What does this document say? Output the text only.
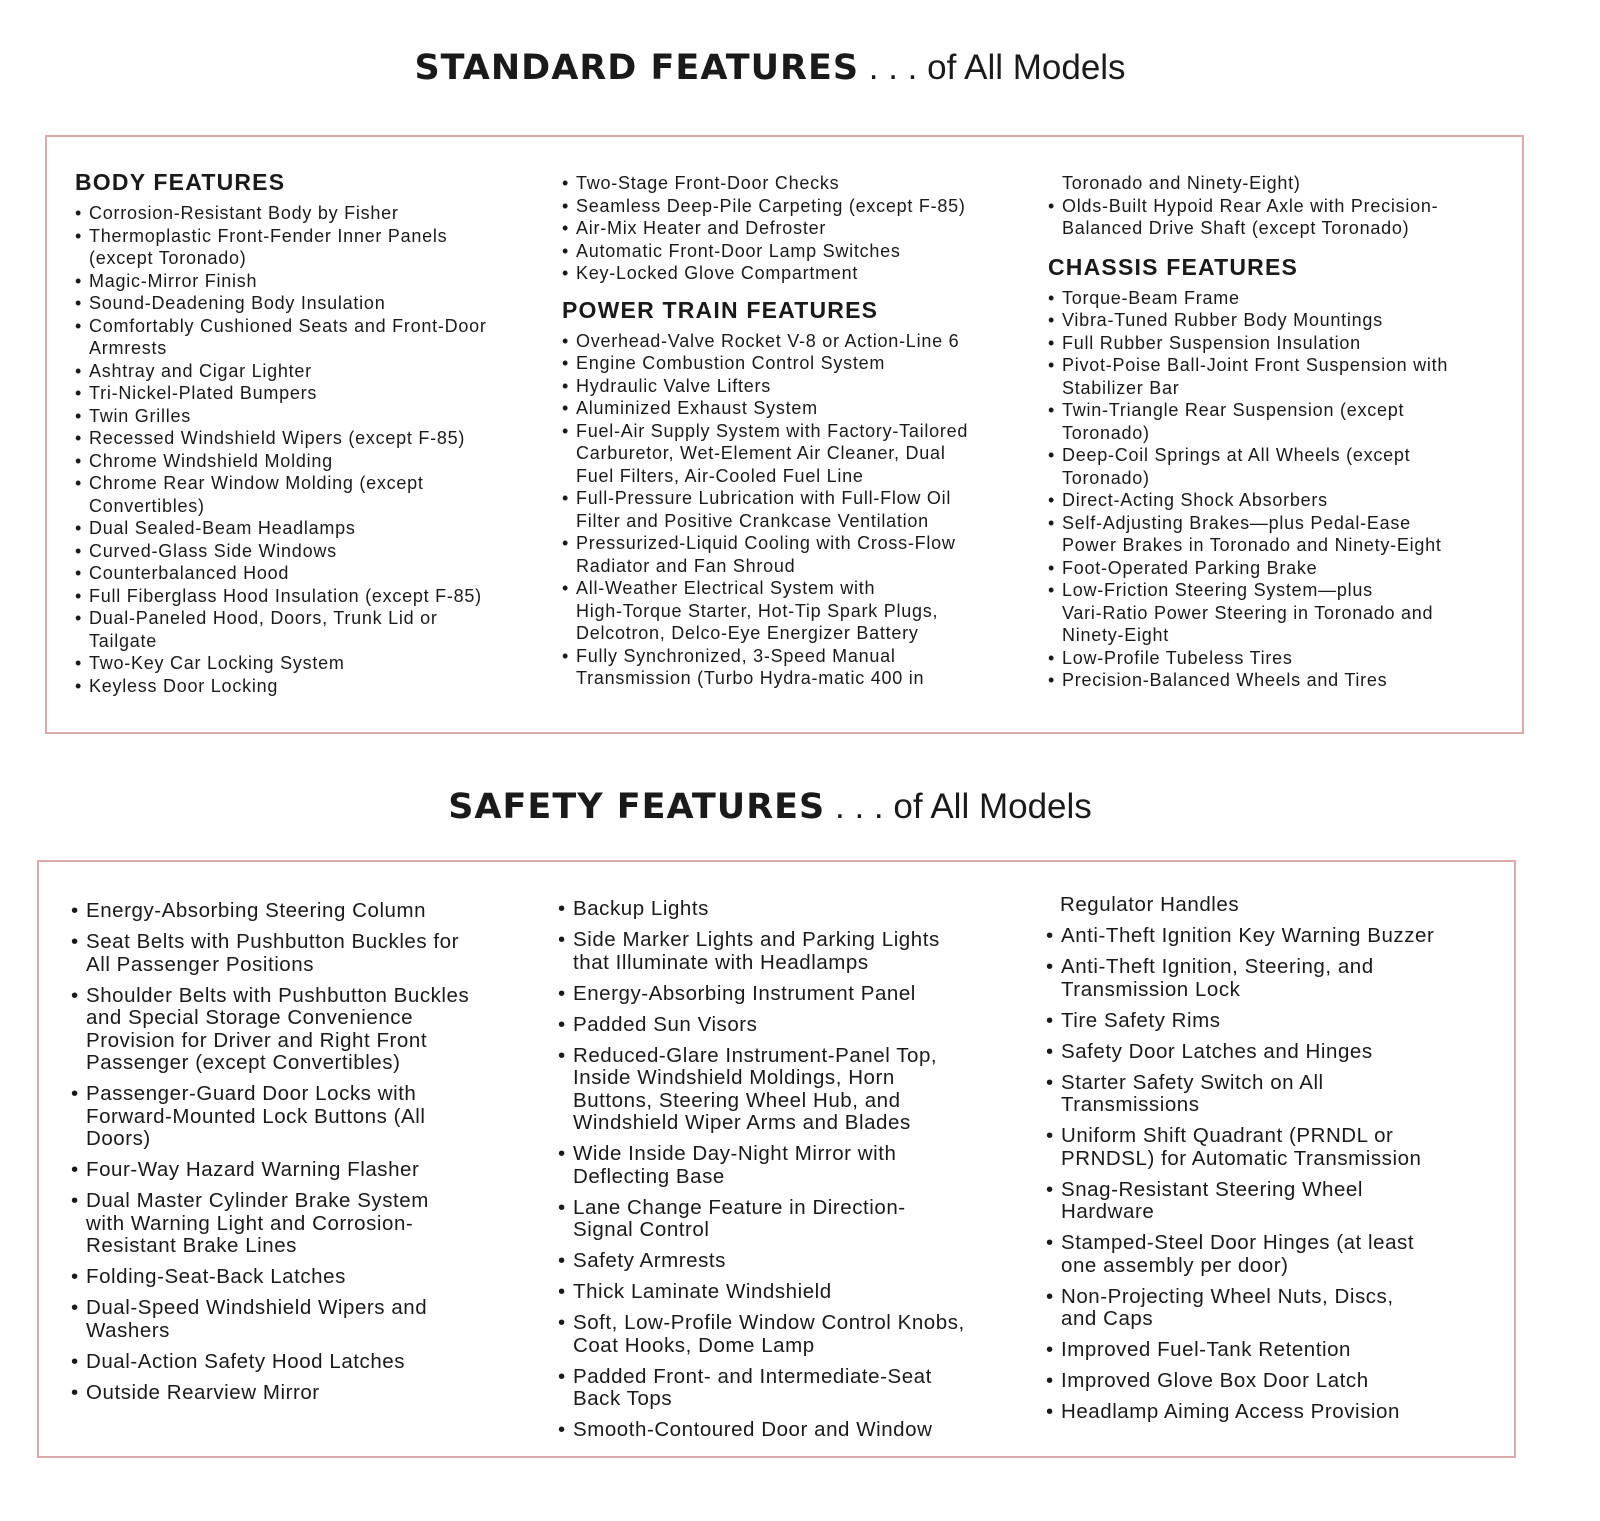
STANDARD FEATURES . . . of All Models
BODY FEATURES
• Corrosion-Resistant Body by Fisher
• Thermoplastic Front-Fender Inner Panels
(except Toronado)
• Magic-Mirror Finish
• Sound-Deadening Body Insulation
• Comfortably Cushioned Seats and Front-Door
Armrests
• Ashtray and Cigar Lighter
• Tri-Nickel-Plated Bumpers
• Twin Grilles
• Recessed Windshield Wipers (except F-85)
• Chrome Windshield Molding
• Chrome Rear Window Molding (except
Convertibles)
• Dual Sealed-Beam Headlamps
• Curved-Glass Side Windows
• Counterbalanced Hood
• Full Fiberglass Hood Insulation (except F-85)
• Dual-Paneled Hood, Doors, Trunk Lid or
Tailgate
• Two-Key Car Locking System
• Keyless Door Locking
• Two-Stage Front-Door Checks
• Seamless Deep-Pile Carpeting (except F-85)
• Air-Mix Heater and Defroster
• Automatic Front-Door Lamp Switches
• Key-Locked Glove Compartment
POWER TRAIN FEATURES
• Overhead-Valve Rocket V-8 or Action-Line 6
• Engine Combustion Control System
• Hydraulic Valve Lifters
• Aluminized Exhaust System
• Fuel-Air Supply System with Factory-Tailored
Carburetor, Wet-Element Air Cleaner, Dual
Fuel Filters, Air-Cooled Fuel Line
• Full-Pressure Lubrication with Full-Flow Oil
Filter and Positive Crankcase Ventilation
• Pressurized-Liquid Cooling with Cross-Flow
Radiator and Fan Shroud
• All-Weather Electrical System with
High-Torque Starter, Hot-Tip Spark Plugs,
Delcotron, Delco-Eye Energizer Battery
• Fully Synchronized, 3-Speed Manual
Transmission (Turbo Hydra-matic 400 in
Toronado and Ninety-Eight)
• Olds-Built Hypoid Rear Axle with Precision-
Balanced Drive Shaft (except Toronado)
CHASSIS FEATURES
• Torque-Beam Frame
• Vibra-Tuned Rubber Body Mountings
• Full Rubber Suspension Insulation
• Pivot-Poise Ball-Joint Front Suspension with
Stabilizer Bar
• Twin-Triangle Rear Suspension (except
Toronado)
• Deep-Coil Springs at All Wheels (except
Toronado)
• Direct-Acting Shock Absorbers
• Self-Adjusting Brakes—plus Pedal-Ease
Power Brakes in Toronado and Ninety-Eight
• Foot-Operated Parking Brake
• Low-Friction Steering System—plus
Vari-Ratio Power Steering in Toronado and
Ninety-Eight
• Low-Profile Tubeless Tires
• Precision-Balanced Wheels and Tires
SAFETY FEATURES . . . of All Models
• Energy-Absorbing Steering Column
• Seat Belts with Pushbutton Buckles for
All Passenger Positions
• Shoulder Belts with Pushbutton Buckles
and Special Storage Convenience
Provision for Driver and Right Front
Passenger (except Convertibles)
• Passenger-Guard Door Locks with
Forward-Mounted Lock Buttons (All
Doors)
• Four-Way Hazard Warning Flasher
• Dual Master Cylinder Brake System
with Warning Light and Corrosion-
Resistant Brake Lines
• Folding-Seat-Back Latches
• Dual-Speed Windshield Wipers and
Washers
• Dual-Action Safety Hood Latches
• Outside Rearview Mirror
• Backup Lights
• Side Marker Lights and Parking Lights
that Illuminate with Headlamps
• Energy-Absorbing Instrument Panel
• Padded Sun Visors
• Reduced-Glare Instrument-Panel Top,
Inside Windshield Moldings, Horn
Buttons, Steering Wheel Hub, and
Windshield Wiper Arms and Blades
• Wide Inside Day-Night Mirror with
Deflecting Base
• Lane Change Feature in Direction-
Signal Control
• Safety Armrests
• Thick Laminate Windshield
• Soft, Low-Profile Window Control Knobs,
Coat Hooks, Dome Lamp
• Padded Front- and Intermediate-Seat
Back Tops
• Smooth-Contoured Door and Window
Regulator Handles
• Anti-Theft Ignition Key Warning Buzzer
• Anti-Theft Ignition, Steering, and
Transmission Lock
• Tire Safety Rims
• Safety Door Latches and Hinges
• Starter Safety Switch on All
Transmissions
• Uniform Shift Quadrant (PRNDL or
PRNDSL) for Automatic Transmission
• Snag-Resistant Steering Wheel
Hardware
• Stamped-Steel Door Hinges (at least
one assembly per door)
• Non-Projecting Wheel Nuts, Discs,
and Caps
• Improved Fuel-Tank Retention
• Improved Glove Box Door Latch
• Headlamp Aiming Access Provision
